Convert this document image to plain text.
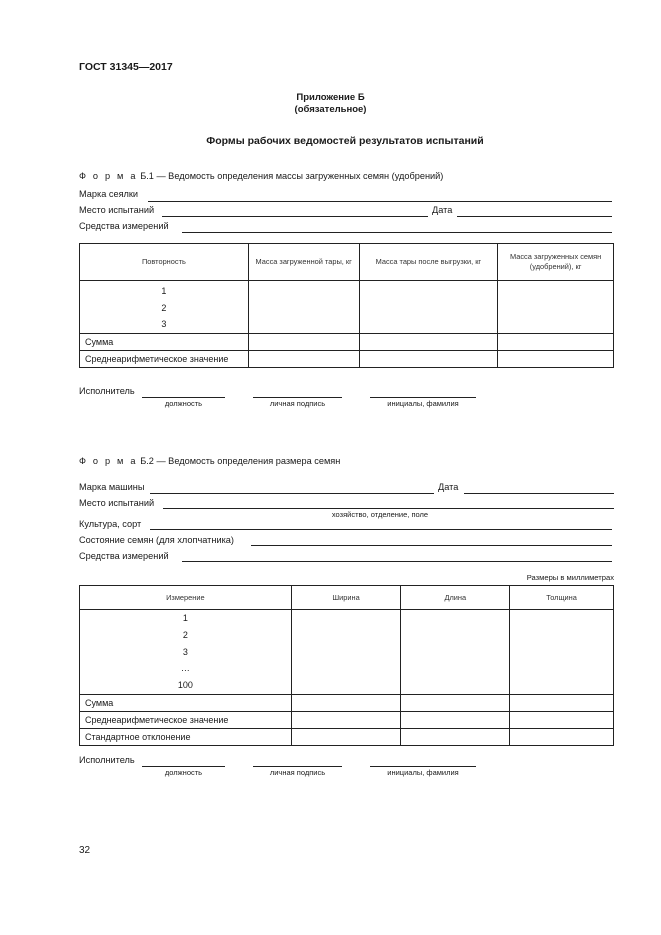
ГОСТ 31345—2017
Приложение Б
(обязательное)
Формы рабочих ведомостей результатов испытаний
Ф о р м а Б.1 — Ведомость определения массы загруженных семян (удобрений)
Марка сеялки
Место испытаний	Дата
Средства измерений
Повторность	Масса загруженной тары, кг	Масса тары после выгрузки, кг	Масса загруженных семян (удобрений), кг

1
2
3			

Сумма			
Среднеарифметическое значение			
Исполнитель
должность	личная подпись	инициалы, фамилия
Ф о р м а Б.2 — Ведомость определения размера семян
Марка машины	Дата
Место испытаний
хозяйство, отделение, поле
Культура, сорт
Состояние семян (для хлопчатника)
Средства измерений
Размеры в миллиметрах
Измерение	Ширина	Длина	Толщина

1
2
3
…
100			

Сумма			
Среднеарифметическое значение			
Стандартное отклонение			
Исполнитель
должность	личная подпись	инициалы, фамилия
32
